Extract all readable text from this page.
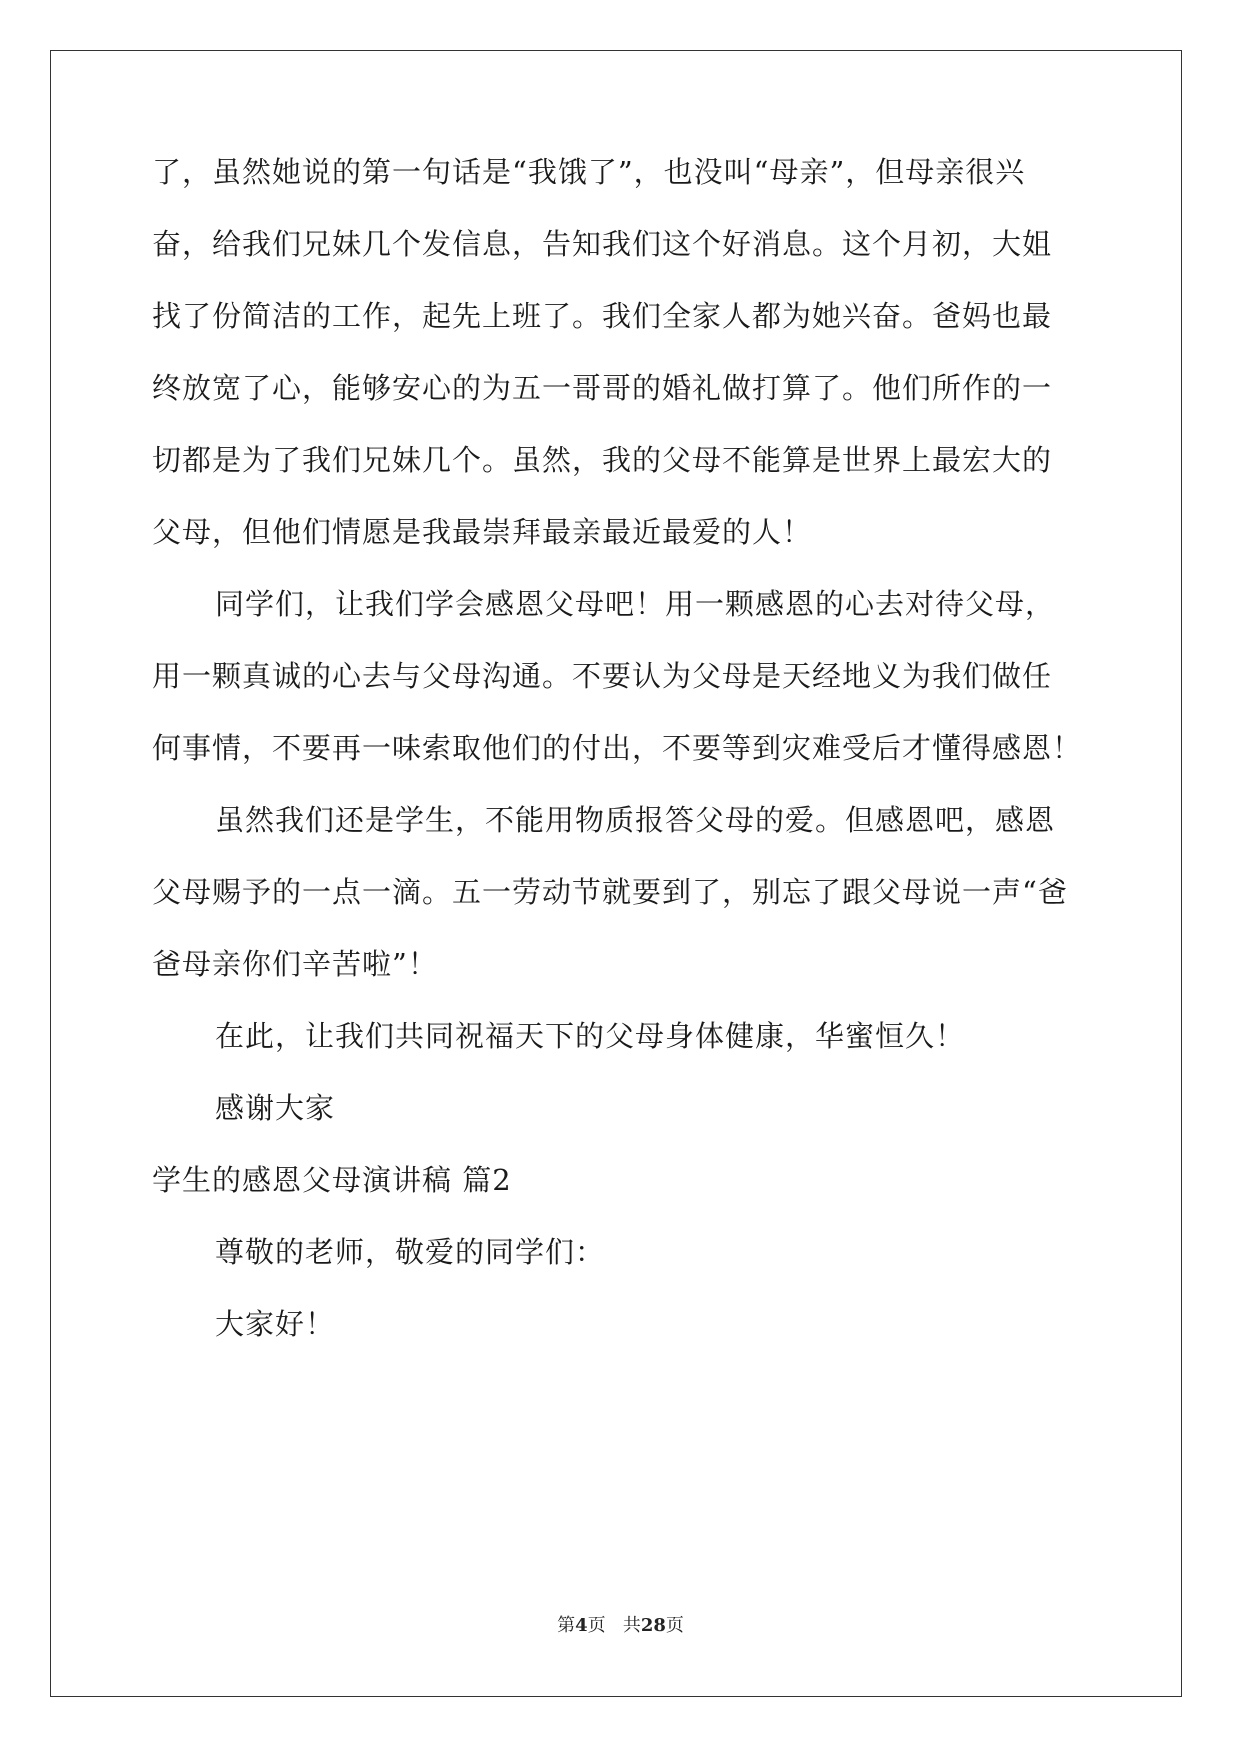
了，虽然她说的第一句话是“我饿了”，也没叫“母亲”，但母亲很兴
奋，给我们兄妹几个发信息，告知我们这个好消息。这个月初，大姐
找了份简洁的工作，起先上班了。我们全家人都为她兴奋。爸妈也最
终放宽了心，能够安心的为五一哥哥的婚礼做打算了。他们所作的一
切都是为了我们兄妹几个。虽然，我的父母不能算是世界上最宏大的
父母，但他们情愿是我最崇拜最亲最近最爱的人！
同学们，让我们学会感恩父母吧！用一颗感恩的心去对待父母，
用一颗真诚的心去与父母沟通。不要认为父母是天经地义为我们做任
何事情，不要再一味索取他们的付出，不要等到灾难受后才懂得感恩！
虽然我们还是学生，不能用物质报答父母的爱。但感恩吧，感恩
父母赐予的一点一滴。五一劳动节就要到了，别忘了跟父母说一声“爸
爸母亲你们辛苦啦”！
在此，让我们共同祝福天下的父母身体健康，华蜜恒久！
感谢大家
学生的感恩父母演讲稿 篇2
尊敬的老师，敬爱的同学们：
大家好！
第4页 共28页
